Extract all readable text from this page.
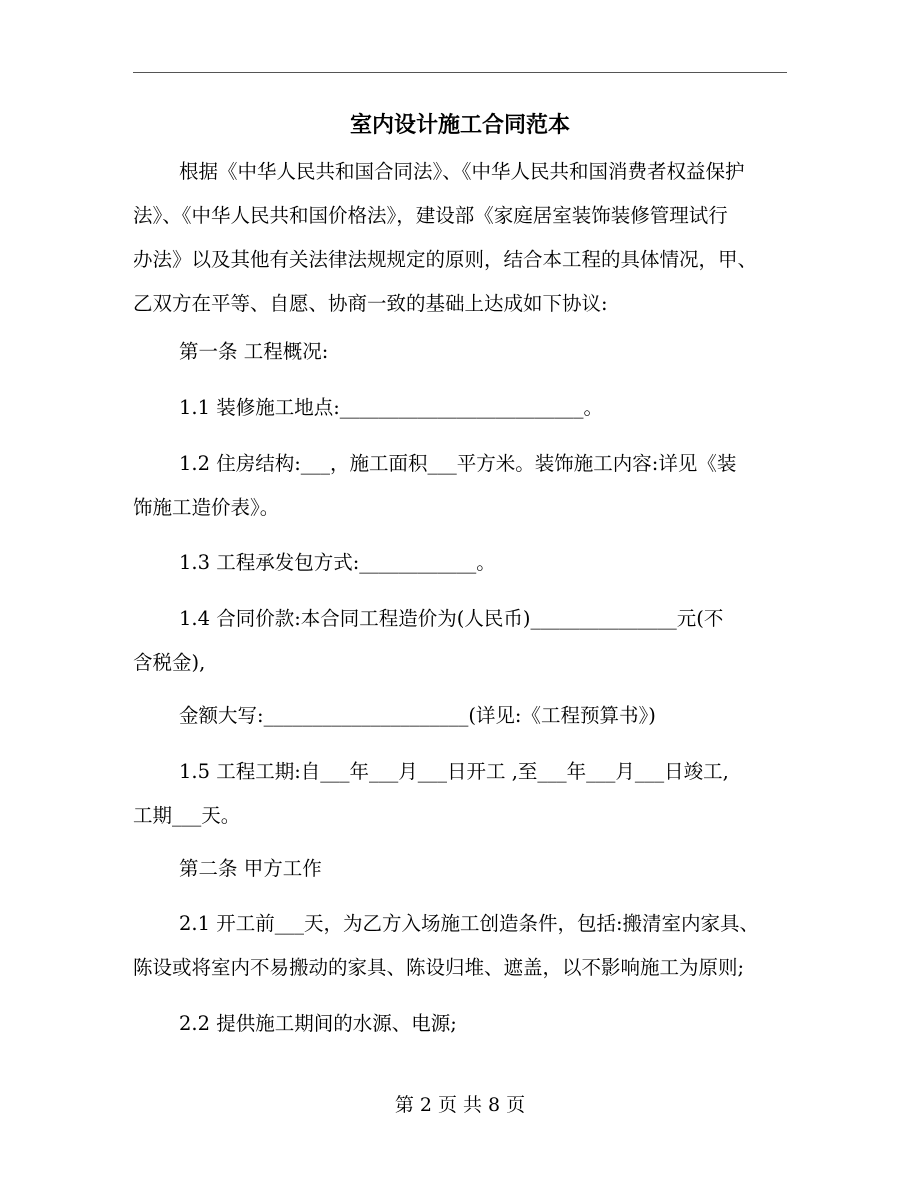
室内设计施工合同范本
根据《中华人民共和国合同法》、《中华人民共和国消费者权益保护
法》、《中华人民共和国价格法》，建设部《家庭居室装饰装修管理试行
办法》以及其他有关法律法规规定的原则，结合本工程的具体情况，甲、
乙双方在平等、自愿、协商一致的基础上达成如下协议:
第一条 工程概况:
1.1 装修施工地点:_________________________。
1.2 住房结构:___，施工面积___平方米。装饰施工内容:详见《装
饰施工造价表》。
1.3 工程承发包方式:____________。
1.4 合同价款:本合同工程造价为(人民币)_______________元(不
含税金),
金额大写:_____________________(详见:《工程预算书》)
1.5 工程工期:自___年___月___日开工 ,至___年___月___日竣工,
工期___天。
第二条 甲方工作
2.1 开工前___天，为乙方入场施工创造条件，包括:搬清室内家具、
陈设或将室内不易搬动的家具、陈设归堆、遮盖，以不影响施工为原则;
2.2 提供施工期间的水源、电源;
第 2 页 共 8 页
